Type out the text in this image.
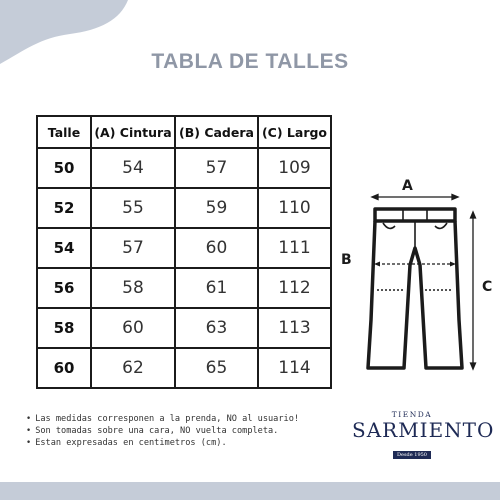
TABLA DE TALLES
Talle	(A) Cintura	(B) Cadera	(C) Largo
50	54	57	109
52	55	59	110
54	57	60	111
56	58	61	112
58	60	63	113
60	62	65	114
A
B
C
• Las medidas corresponen a la prenda, NO al usuario!
• Son tomadas sobre una cara, NO vuelta completa.
• Estan expresadas en centimetros (cm).
TIENDA
SARMIENTO
Desde 1950
